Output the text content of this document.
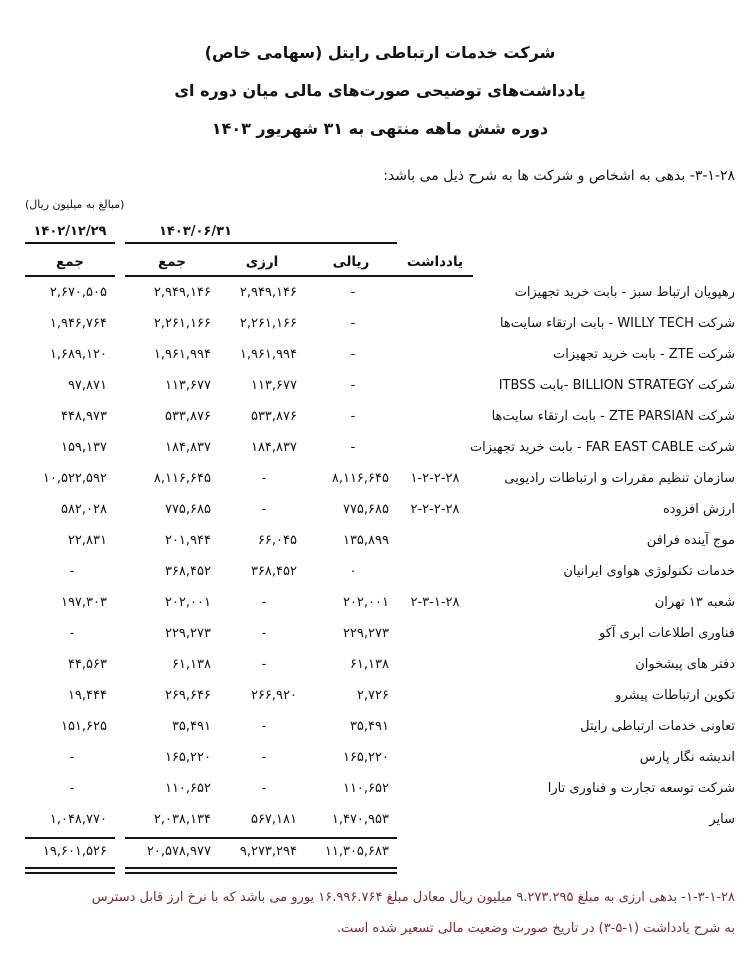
شرکت خدمات ارتباطی رایتل (سهامی خاص)
یادداشت‌های توضیحی صورت‌های مالی میان دوره ای
دوره شش ماهه منتهی به ۳۱ شهریور ۱۴۰۳

۳-۱-۲۸- بدهی به اشخاص و شرکت ها به شرح ذیل می باشد:

(مبالغ به میلیون ریال)
۱۴۰۳/۰۶/۳۱
۱۴۰۲/۱۲/۲۹
یادداشت
ریالی
ارزی
جمع
جمع
رهپویان ارتباط سبز - بابت خرید تجهیزات
-
۲,۹۴۹,۱۴۶
۲,۹۴۹,۱۴۶
۲,۶۷۰,۵۰۵
شرکت WILLY TECH - بابت ارتقاء سایت‌ها
-
۲,۲۶۱,۱۶۶
۲,۲۶۱,۱۶۶
۱,۹۴۶,۷۶۴
شرکت ZTE - بابت خرید تجهیزات
-
۱,۹۶۱,۹۹۴
۱,۹۶۱,۹۹۴
۱,۶۸۹,۱۲۰
شرکت BILLION STRATEGY -بابت ITBSS
-
۱۱۳,۶۷۷
۱۱۳,۶۷۷
۹۷,۸۷۱
شرکت ZTE PARSIAN - بابت ارتقاء سایت‌ها
-
۵۳۳,۸۷۶
۵۳۳,۸۷۶
۴۴۸,۹۷۳
شرکت FAR EAST CABLE - بابت خرید تجهیزات
-
۱۸۴,۸۳۷
۱۸۴,۸۳۷
۱۵۹,۱۳۷
سازمان تنظیم مقررات و ارتباطات رادیویی
۱-۲-۲-۲۸
۸,۱۱۶,۶۴۵
-
۸,۱۱۶,۶۴۵
۱۰,۵۲۲,۵۹۲
ارزش افزوده
۲-۲-۲-۲۸
۷۷۵,۶۸۵
-
۷۷۵,۶۸۵
۵۸۲,۰۲۸
موج آینده فرافن
۱۳۵,۸۹۹
۶۶,۰۴۵
۲۰۱,۹۴۴
۲۲,۸۳۱
خدمات تکنولوژی هواوی ایرانیان
۰
۳۶۸,۴۵۲
۳۶۸,۴۵۲
-
شعبه ۱۳ تهران
۲-۳-۱-۲۸
۲۰۲,۰۰۱
-
۲۰۲,۰۰۱
۱۹۷,۳۰۳
فناوری اطلاعات ابری آکو
۲۲۹,۲۷۳
-
۲۲۹,۲۷۳
-
دفتر های پیشخوان
۶۱,۱۳۸
-
۶۱,۱۳۸
۴۴,۵۶۳
تکوین ارتباطات پیشرو
۲,۷۲۶
۲۶۶,۹۲۰
۲۶۹,۶۴۶
۱۹,۴۴۴
تعاونی خدمات ارتباطی رایتل
۳۵,۴۹۱
-
۳۵,۴۹۱
۱۵۱,۶۲۵
اندیشه نگار پارس
۱۶۵,۲۲۰
-
۱۶۵,۲۲۰
-
شرکت توسعه تجارت و فناوری تارا
۱۱۰,۶۵۲
-
۱۱۰,۶۵۲
-
سایر
۱,۴۷۰,۹۵۳
۵۶۷,۱۸۱
۲,۰۳۸,۱۳۴
۱,۰۴۸,۷۷۰
۱۱,۳۰۵,۶۸۳
۹,۲۷۳,۲۹۴
۲۰,۵۷۸,۹۷۷
۱۹,۶۰۱,۵۲۶
۱-۳-۱-۲۸- بدهی ارزی به مبلغ ۹.۲۷۳.۲۹۵ میلیون ریال معادل مبلغ ۱۶.۹۹۶.۷۶۴ یورو می باشد که با نرخ ارز قابل دسترس
به شرح یادداشت (۱-۵-۳) در تاریخ صورت وضعیت مالی تسعیر شده است.
